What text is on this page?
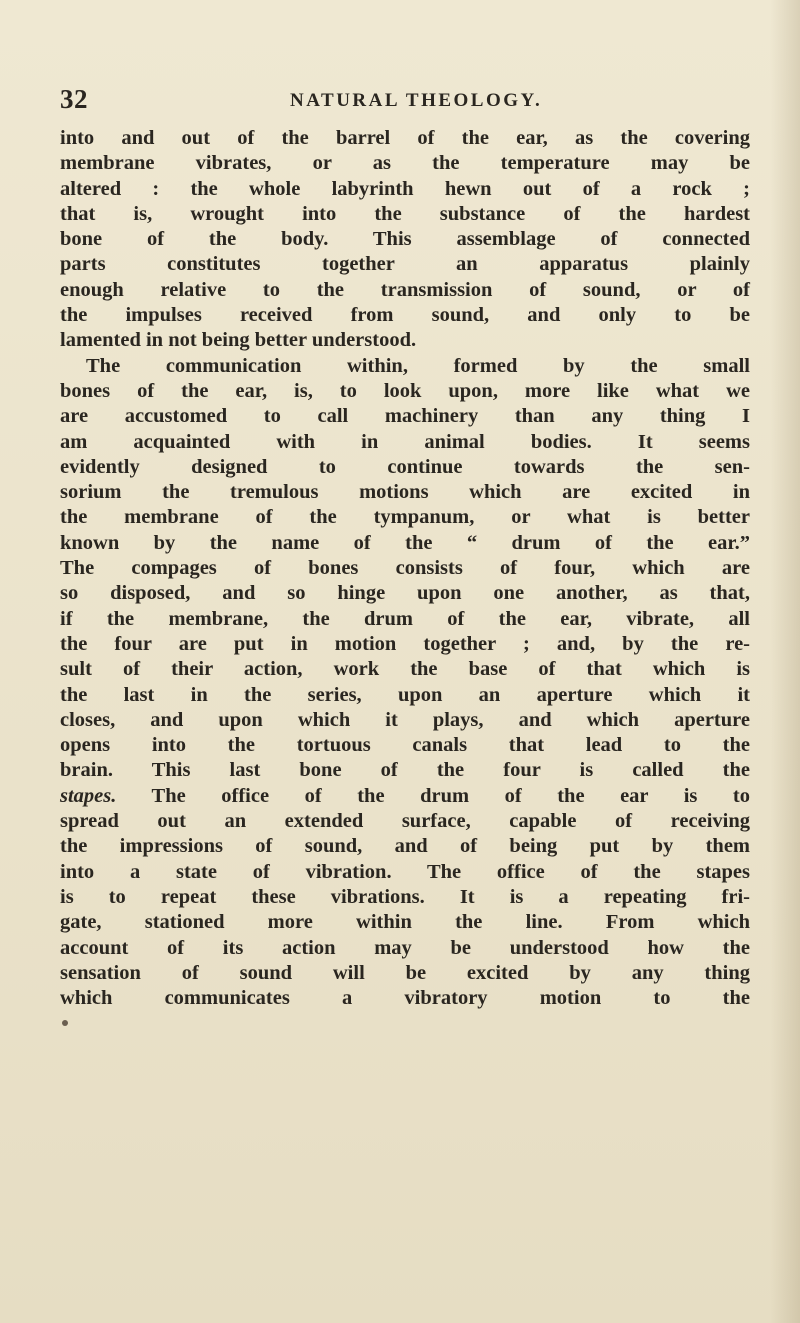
32	NATURAL THEOLOGY.
into and out of the barrel of the ear, as the covering
membrane vibrates, or as the temperature may be
altered : the whole labyrinth hewn out of a rock ;
that is, wrought into the substance of the hardest
bone of the body. This assemblage of connected
parts constitutes together an apparatus plainly
enough relative to the transmission of sound, or of
the impulses received from sound, and only to be
lamented in not being better understood.
The communication within, formed by the small
bones of the ear, is, to look upon, more like what we
are accustomed to call machinery than any thing I
am acquainted with in animal bodies. It seems
evidently designed to continue towards the sen-
sorium the tremulous motions which are excited in
the membrane of the tympanum, or what is better
known by the name of the “ drum of the ear.”
The compages of bones consists of four, which are
so disposed, and so hinge upon one another, as that,
if the membrane, the drum of the ear, vibrate, all
the four are put in motion together ; and, by the re-
sult of their action, work the base of that which is
the last in the series, upon an aperture which it
closes, and upon which it plays, and which aperture
opens into the tortuous canals that lead to the
brain. This last bone of the four is called the
stapes. The office of the drum of the ear is to
spread out an extended surface, capable of receiving
the impressions of sound, and of being put by them
into a state of vibration. The office of the stapes
is to repeat these vibrations. It is a repeating fri-
gate, stationed more within the line. From which
account of its action may be understood how the
sensation of sound will be excited by any thing
which communicates a vibratory motion to the
